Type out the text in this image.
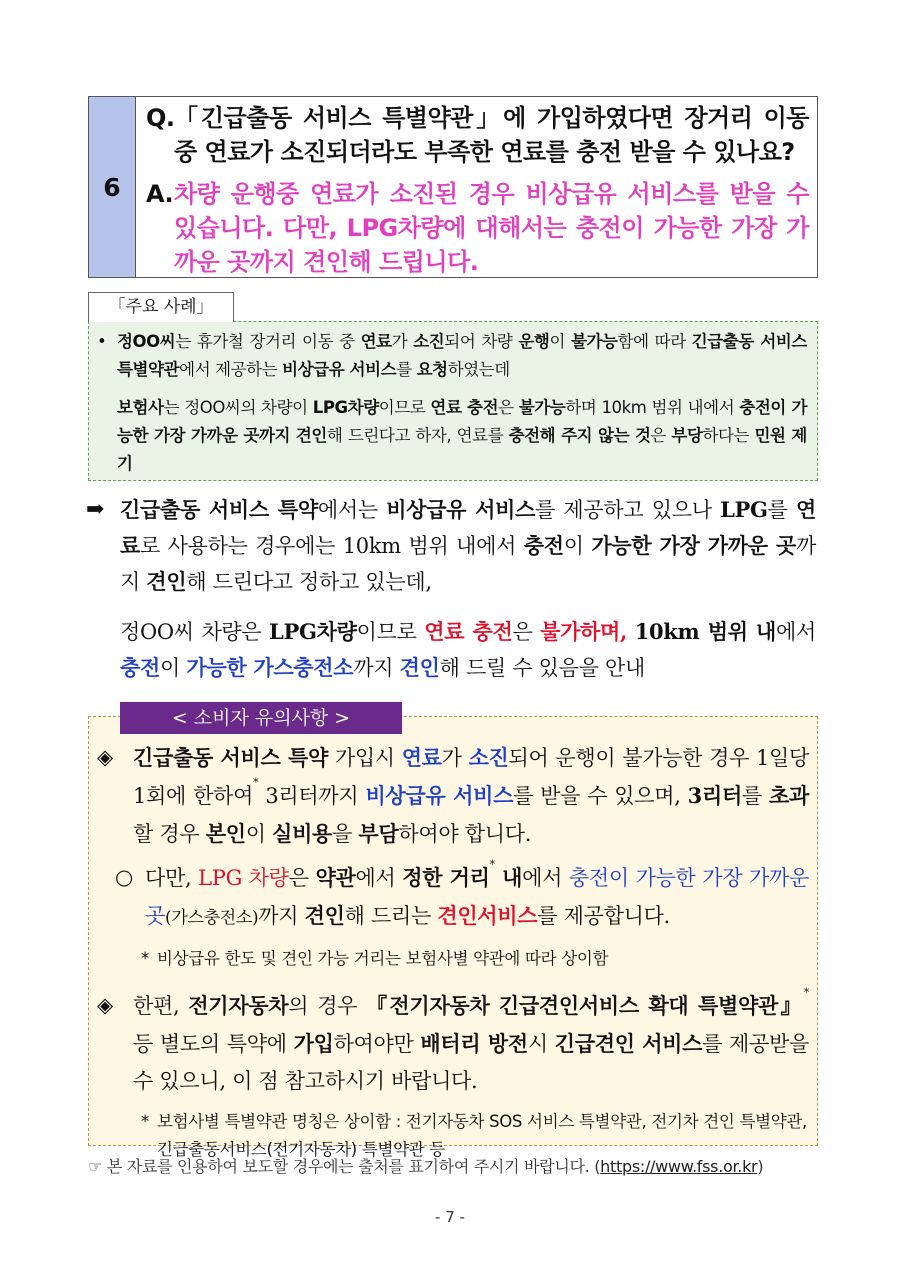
6
Q. 「긴급출동 서비스 특별약관」에 가입하였다면 장거리 이동 중 연료가 소진되더라도 부족한 연료를 충전 받을 수 있나요?
A. 차량 운행중 연료가 소진된 경우 비상급유 서비스를 받을 수 있습니다. 다만, LPG차량에 대해서는 충전이 가능한 가장 가까운 곳까지 견인해 드립니다.
「주요 사례」
• 정OO씨는 휴가철 장거리 이동 중 연료가 소진되어 차량 운행이 불가능함에 따라 긴급출동 서비스 특별약관에서 제공하는 비상급유 서비스를 요청하였는데
보험사는 정OO씨의 차량이 LPG차량이므로 연료 충전은 불가능하며 10km 범위 내에서 충전이 가능한 가장 가까운 곳까지 견인해 드린다고 하자, 연료를 충전해 주지 않는 것은 부당하다는 민원 제기
➡ 긴급출동 서비스 특약에서는 비상급유 서비스를 제공하고 있으나 LPG를 연료로 사용하는 경우에는 10km 범위 내에서 충전이 가능한 가장 가까운 곳까지 견인해 드린다고 정하고 있는데,
정OO씨 차량은 LPG차량이므로 연료 충전은 불가하며, 10km 범위 내에서 충전이 가능한 가스충전소까지 견인해 드릴 수 있음을 안내
< 소비자 유의사항 >
◈ 긴급출동 서비스 특약 가입시 연료가 소진되어 운행이 불가능한 경우 1일당 1회에 한하여* 3리터까지 비상급유 서비스를 받을 수 있으며, 3리터를 초과할 경우 본인이 실비용을 부담하여야 합니다.
○ 다만, LPG 차량은 약관에서 정한 거리* 내에서 충전이 가능한 가장 가까운 곳(가스충전소)까지 견인해 드리는 견인서비스를 제공합니다.
* 비상급유 한도 및 견인 가능 거리는 보험사별 약관에 따라 상이함
◈ 한편, 전기자동차의 경우 『전기자동차 긴급견인서비스 확대 특별약관』* 등 별도의 특약에 가입하여야만 배터리 방전시 긴급견인 서비스를 제공받을 수 있으니, 이 점 참고하시기 바랍니다.
* 보험사별 특별약관 명칭은 상이함 : 전기자동차 SOS 서비스 특별약관, 전기차 견인 특별약관, 긴급출동서비스(전기자동차) 특별약관 등
☞ 본 자료를 인용하여 보도할 경우에는 출처를 표기하여 주시기 바랍니다. (https://www.fss.or.kr)
- 7 -
